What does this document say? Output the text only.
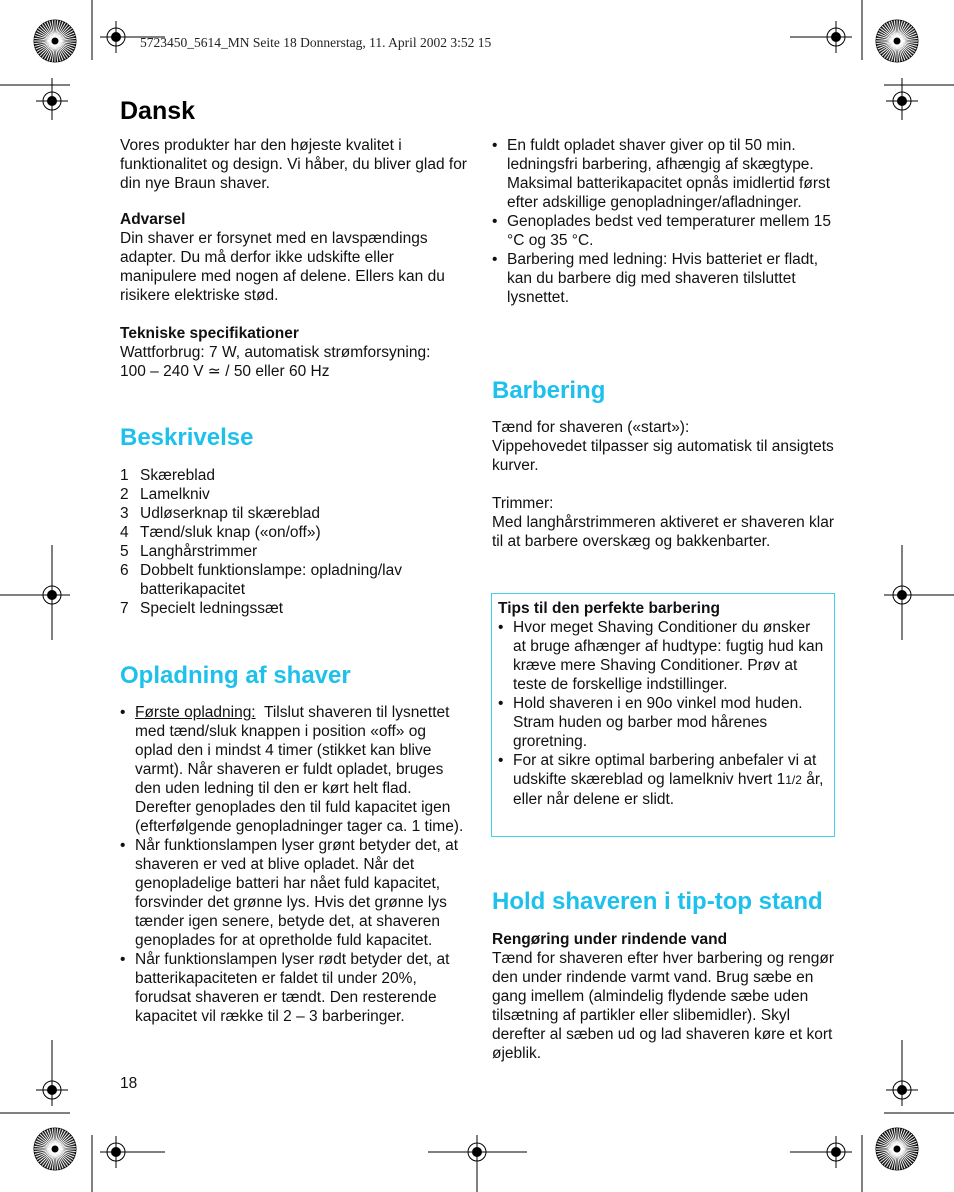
5723450_5614_MN Seite 18 Donnerstag, 11. April 2002 3:52 15
Dansk
Vores produkter har den højeste kvalitet i funktionalitet og design. Vi håber, du bliver glad for din nye Braun shaver.
Advarsel
Din shaver er forsynet med en lavspændings adapter. Du må derfor ikke udskifte eller manipulere med nogen af delene. Ellers kan du risikere elektriske stød.
Tekniske specifikationer
Wattforbrug: 7 W, automatisk strømforsyning:
100 – 240 V ≃ / 50 eller 60 Hz
Beskrivelse
1 Skæreblad
2 Lamelkniv
3 Udløserknap til skæreblad
4 Tænd/sluk knap («on/off»)
5 Langhårstrimmer
6 Dobbelt funktionslampe: opladning/lav batterikapacitet
7 Specielt ledningssæt
Opladning af shaver
• Første opladning: Tilslut shaveren til lysnettet med tænd/sluk knappen i position «off» og oplad den i mindst 4 timer (stikket kan blive varmt). Når shaveren er fuldt opladet, bruges den uden ledning til den er kørt helt flad. Derefter genoplades den til fuld kapacitet igen (efterfølgende genopladninger tager ca. 1 time).
• Når funktionslampen lyser grønt betyder det, at shaveren er ved at blive opladet. Når det genopladelige batteri har nået fuld kapacitet, forsvinder det grønne lys. Hvis det grønne lys tænder igen senere, betyde det, at shaveren genoplades for at opretholde fuld kapacitet.
• Når funktionslampen lyser rødt betyder det, at batterikapaciteten er faldet til under 20%, forudsat shaveren er tændt. Den resterende kapacitet vil række til 2 – 3 barberinger.
18
• En fuldt opladet shaver giver op til 50 min. ledningsfri barbering, afhængig af skægtype. Maksimal batterikapacitet opnås imidlertid først efter adskillige genopladninger/afladninger.
• Genoplades bedst ved temperaturer mellem 15 °C og 35 °C.
• Barbering med ledning: Hvis batteriet er fladt, kan du barbere dig med shaveren tilsluttet lysnettet.
Barbering
Tænd for shaveren («start»):
Vippehovedet tilpasser sig automatisk til ansigtets kurver.
Trimmer:
Med langhårstrimmeren aktiveret er shaveren klar til at barbere overskæg og bakkenbarter.
Tips til den perfekte barbering
• Hvor meget Shaving Conditioner du ønsker at bruge afhænger af hudtype: fugtig hud kan kræve mere Shaving Conditioner. Prøv at teste de forskellige indstillinger.
• Hold shaveren i en 90o vinkel mod huden. Stram huden og barber mod hårenes groretning.
• For at sikre optimal barbering anbefaler vi at udskifte skæreblad og lamelkniv hvert 11/2 år, eller når delene er slidt.
Hold shaveren i tip-top stand
Rengøring under rindende vand
Tænd for shaveren efter hver barbering og rengør den under rindende varmt vand. Brug sæbe en gang imellem (almindelig flydende sæbe uden tilsætning af partikler eller slibemidler). Skyl derefter al sæben ud og lad shaveren køre et kort øjeblik.
